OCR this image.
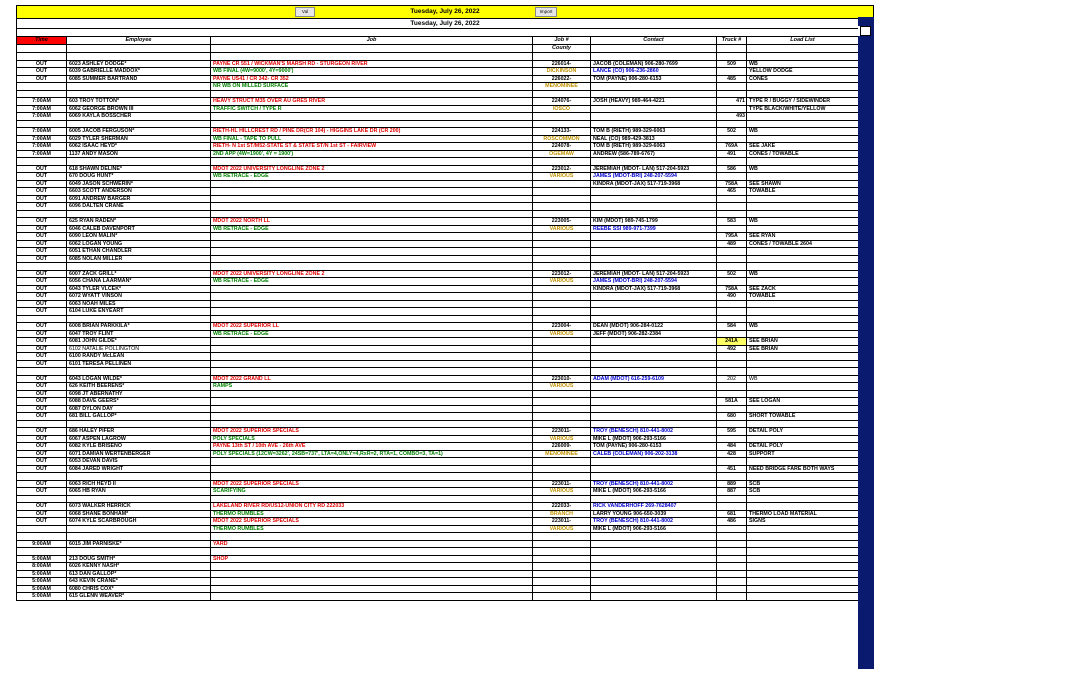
Val	Tuesday, July 26, 2022	Import
Tuesday, July 26, 2022
Time	Employee	Job	Job #	Contact	Truck #	Load List
			County			

OUT	6023 ASHLEY DODGE*	PAYNE CR 551 / WICKMAN'S MARSH RD - STURGEON RIVER	226014-	JACOB (COLEMAN) 906-280-7699	509	WB
OUT	6039 GABRIELLE MADDOX*	WB FINAL (4W=9000', 4Y=9000')	DICKINSON	LANCE (CO) 906-236-2860		YELLOW DODGE
OUT	6085 SUMMER BARTRAND	PAYNE US41 / CR 342- CR 352	226022-	TOM (PAYNE) 906-280-6153	485	CONES
		NR WB ON MILLED SURFACE	MENOMINEE			

7:00AM	603 TROY TOTTON*	HEAVY STRUCT M35 OVER AU GRES RIVER	224076-	JOSH (HEAVY) 989-464-4221	471	TYPE R / BUGGY / SIDEWINDER
7:00AM	6062 GEORGE BROWN III	TRAFFIC SWITCH / TYPE R	IOSCO			TYPE BLACK/WHITE/YELLOW
7:00AM	6069 KAYLA BOSSCHER				493	

7:00AM	6005 JACOB FERGUSON*	RIETH-HL HILLCREST RD / PINE DR(CR 104) - HIGGINS LAKE DR (CR 200)	224133-	TOM B (RIETH) 989-329-6063	502	WB
7:00AM	6029 TYLER SHERMAN	WB FINAL - TAPE TO PULL	ROSCOMMON	NEAL (CO) 989-429-3813		
7:00AM	6062 ISAAC HEYD*	RIETH- N 1st ST/M52-STATE ST & STATE ST/N 1st ST - FAIRVIEW	224078-	TOM B (RIETH) 989-329-6063	769A	SEE JAKE
7:00AM	1137 ANDY MASON	2ND APP (4W=1900', 4Y = 1900')	OGEMAW	ANDREW (586-789-6767)	491	CONES / TOWABLE

OUT	618 SHAWN DELINE*	MDOT 2022 UNIVERSITY LONGLINE ZONE 2	223012-	JEREMIAH (MDOT- LAN) 517-204-5923	586	WB
OUT	670 DOUG HUNT*	WB RETRACE - EDGE	VARIOUS	JAMES (MDOT-BRI) 248-207-5594		
OUT	6049 JASON SCHWERIN*			KINDRA (MDOT-JAX) 517-719-3968	758A	SEE SHAWN
OUT	6603 SCOTT ANDERSON				465	TOWABLE
OUT	6091 ANDREW BARGER					
OUT	6096 DALTEN CRANE					

OUT	625 RYAN RADEN*	MDOT 2022 NORTH LL	223005-	KIM (MDOT) 989-745-1799	583	WB
OUT	6046 CALEB DAVENPORT	WB RETRACE - EDGE	VARIOUS	REEBE SSI 989-971-7399		
OUT	6090 LEON MALIN*				795A	SEE RYAN
OUT	6062 LOGAN YOUNG				489	CONES / TOWABLE 2604
OUT	6051 ETHAN CHANDLER					
OUT	6085 NOLAN MILLER					

OUT	6007 ZACK GRILL*	MDOT 2022 UNIVERSITY LONGLINE ZONE 2	223012-	JEREMIAH (MDOT- LAN) 517-204-5923	502	WB
OUT	6056 CHANA LAARMAN*	WB RETRACE - EDGE	VARIOUS	JAMES (MDOT-BRI) 248-207-5594		
OUT	6043 TYLER VLCEK*			KINDRA (MDOT-JAX) 517-719-3968	758A	SEE ZACK
OUT	6072 WYATT VINSON				490	TOWABLE
OUT	6063 NOAH MILES					
OUT	6104 LUKE ENYEART					

OUT	6008 BRIAN PARKKILA*	MDOT 2022 SUPERIOR LL	223004-	DEAN (MDOT) 906-284-0122	584	WB
OUT	6047 TROY FLINT	WB RETRACE - EDGE	VARIOUS	JEFF (MDOT) 906-282-2384		
OUT	6081 JOHN GILDE*				241A	SEE BRIAN
OUT	6102 NATALIE POLLINGTON				492	SEE BRIAN
OUT	6100 RANDY McLEAN					
OUT	6101 TERESA PELLINEN					

OUT	6043 LOGAN WILDE*	MDOT 2022 GRAND LL	223010-	ADAM (MDOT) 616-259-6109	202	WB
OUT	626 KEITH BEERENS*	RAMPS	VARIOUS			
OUT	6098 JT ABERNATHY					
OUT	6088 DAVE GEERS*				581A	SEE LOGAN
OUT	6087 DYLON DAY					
OUT	681 BILL GALLOP*				680	SHORT TOWABLE

OUT	686 HALEY PIFER	MDOT 2022 SUPERIOR SPECIALS	223011-	TROY (BENESCH) 810-441-8002	595	DETAIL POLY
OUT	6067 ASPEN LAGROW	POLY SPECIALS	VARIOUS	MIKE L (MDOT) 906-293-5166		
OUT	6082 KYLE BRISENO	PAYNE 13th ST / 10th AVE - 26th AVE	226009-	TOM (PAYNE) 906-280-6153	484	DETAIL POLY
OUT	6071 DAMIAN WERTENBERGER	POLY SPECIALS (12CW=3262', 24SB=737', LTA=4,ONLY=4,RxR=2, RTA=1, COMBO=3, TA=1)	MENOMINEE	CALEB (COLEMAN) 906-202-3138	428	SUPPORT
OUT	6053 DEVAN DAVIS					
OUT	6084 JARED WRIGHT				451	NEED BRIDGE FARE BOTH WAYS

OUT	6063 RICH HEYD II	MDOT 2022 SUPERIOR SPECIALS	223011-	TROY (BENESCH) 810-441-8002	889	SCB
OUT	6065 HB RYAN	SCARIFYING	VARIOUS	MIKE L (MDOT) 906-293-5166	887	SCB

OUT	6073 WALKER HERRICK	LAKELAND RIVER RD/US12-UNION CITY RD 222033	222033-	RICK VANDERHOFF 269-7628407		
OUT	6068 SHANE BONHAM*	THERMO RUMBLES	BRANCH	LARRY YOUNG 906-650-3039	681	THERMO LOAD MATERIAL
OUT	6074 KYLE SCARBROUGH	MDOT 2022 SUPERIOR SPECIALS	223011-	TROY (BENESCH) 810-441-8002	486	SIGNS
		THERMO RUMBLES	VARIOUS	MIKE L (MDOT) 906-293-5166		

9:00AM	6015 JIM PARNISKE*	YARD				

5:00AM	213 DOUG SMITH*	SHOP				
8:00AM	6026 KENNY NASH*					
5:00AM	613 DAN GALLOP*					
5:00AM	643 KEVIN CRANE*					
5:00AM	6080 CHRIS COX*					
5:00AM	615 GLENN WEAVER*					
